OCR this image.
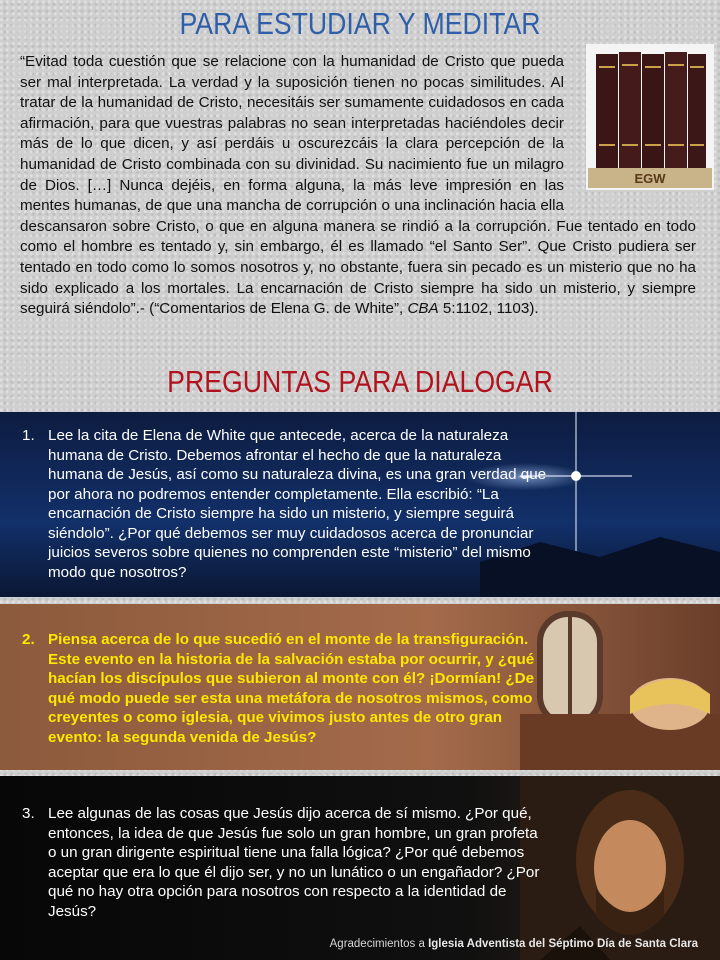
PARA ESTUDIAR Y MEDITAR
EGW
“Evitad toda cuestión que se relacione con la humanidad de Cristo que pueda ser mal interpretada. La verdad y la suposición tienen no pocas similitudes. Al tratar de la humanidad de Cristo, necesitáis ser sumamente cuidadosos en cada afirmación, para que vuestras palabras no sean interpretadas haciéndoles decir más de lo que dicen, y así perdáis u oscurezcáis la clara percepción de la humanidad de Cristo combinada con su divinidad. Su nacimiento fue un milagro de Dios. […] Nunca dejéis, en forma alguna, la más leve impresión en las mentes humanas, de que una mancha de corrupción o una inclinación hacia ella descansaron sobre Cristo, o que en alguna manera se rindió a la corrupción. Fue tentado en todo como el hombre es tentado y, sin embargo, él es llamado “el Santo Ser”. Que Cristo pudiera ser tentado en todo como lo somos nosotros y, no obstante, fuera sin pecado es un misterio que no ha sido explicado a los mortales. La encarnación de Cristo siempre ha sido un misterio, y siempre seguirá siéndolo”.- (“Comentarios de Elena G. de White”, CBA 5:1102, 1103).
PREGUNTAS PARA DIALOGAR
1. Lee la cita de Elena de White que antecede, acerca de la naturaleza humana de Cristo. Debemos afrontar el hecho de que la naturaleza humana de Jesús, así como su naturaleza divina, es una gran verdad que por ahora no podremos entender completamente. Ella escribió: “La encarnación de Cristo siempre ha sido un misterio, y siempre seguirá siéndolo”. ¿Por qué debemos ser muy cuidadosos acerca de pronunciar juicios severos sobre quienes no comprenden este “misterio” del mismo modo que nosotros?
2. Piensa acerca de lo que sucedió en el monte de la transfiguración. Este evento en la historia de la salvación estaba por ocurrir, y ¿qué hacían los discípulos que subieron al monte con él? ¡Dormían! ¿De qué modo puede ser esta una metáfora de nosotros mismos, como creyentes o como iglesia, que vivimos justo antes de otro gran evento: la segunda venida de Jesús?
3. Lee algunas de las cosas que Jesús dijo acerca de sí mismo. ¿Por qué, entonces, la idea de que Jesús fue solo un gran hombre, un gran profeta o un gran dirigente espiritual tiene una falla lógica? ¿Por qué debemos aceptar que era lo que él dijo ser, y no un lunático o un engañador? ¿Por qué no hay otra opción para nosotros con respecto a la identidad de Jesús?
Agradecimientos a Iglesia Adventista del Séptimo Día de Santa Clara
